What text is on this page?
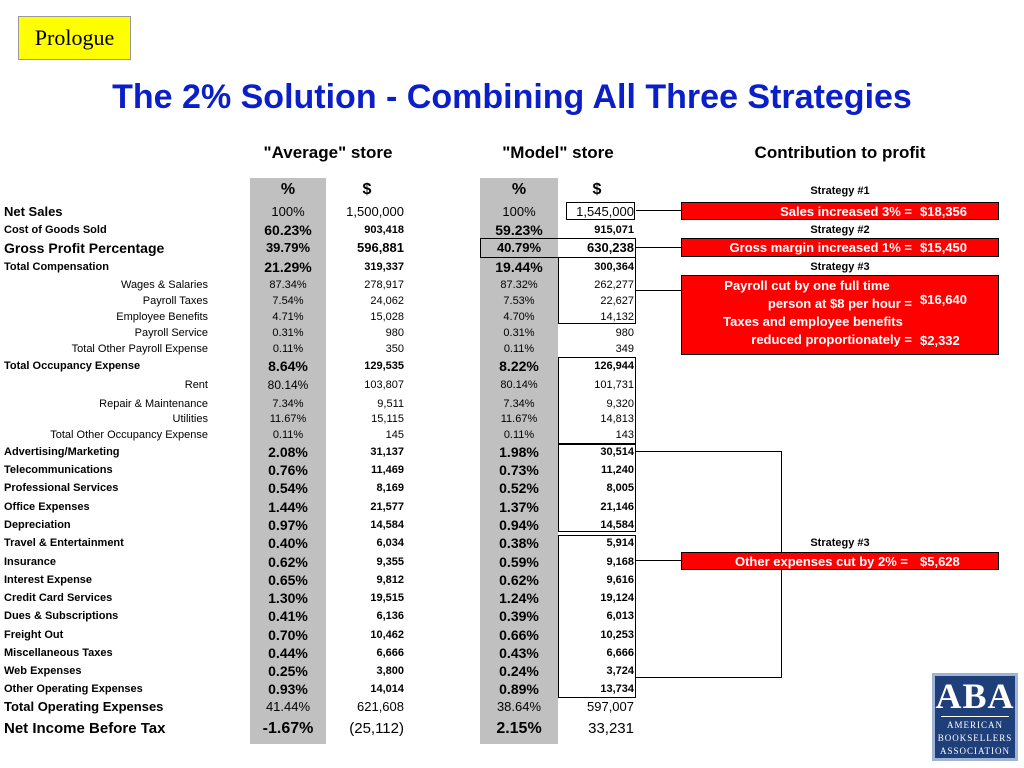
Prologue
The 2% Solution - Combining All Three Strategies
"Average" store	"Model" store	Contribution to profit
%	$	%	$
Net Sales	100%	1,500,000	100%	1,545,000
Cost of Goods Sold	60.23%	903,418	59.23%	915,071
Gross Profit Percentage	39.79%	596,881	40.79%	630,238
Total Compensation	21.29%	319,337	19.44%	300,364
Wages & Salaries	87.34%	278,917	87.32%	262,277
Payroll Taxes	7.54%	24,062	7.53%	22,627
Employee Benefits	4.71%	15,028	4.70%	14,132
Payroll Service	0.31%	980	0.31%	980
Total Other Payroll Expense	0.11%	350	0.11%	349
Total Occupancy Expense	8.64%	129,535	8.22%	126,944
Rent	80.14%	103,807	80.14%	101,731
Repair & Maintenance	7.34%	9,511	7.34%	9,320
Utilities	11.67%	15,115	11.67%	14,813
Total Other Occupancy Expense	0.11%	145	0.11%	143
Advertising/Marketing	2.08%	31,137	1.98%	30,514
Telecommunications	0.76%	11,469	0.73%	11,240
Professional Services	0.54%	8,169	0.52%	8,005
Office Expenses	1.44%	21,577	1.37%	21,146
Depreciation	0.97%	14,584	0.94%	14,584
Travel & Entertainment	0.40%	6,034	0.38%	5,914
Insurance	0.62%	9,355	0.59%	9,168
Interest Expense	0.65%	9,812	0.62%	9,616
Credit Card Services	1.30%	19,515	1.24%	19,124
Dues & Subscriptions	0.41%	6,136	0.39%	6,013
Freight Out	0.70%	10,462	0.66%	10,253
Miscellaneous Taxes	0.44%	6,666	0.43%	6,666
Web Expenses	0.25%	3,800	0.24%	3,724
Other Operating Expenses	0.93%	14,014	0.89%	13,734
Total Operating Expenses	41.44%	621,608	38.64%	597,007
Net Income Before Tax	-1.67%	(25,112)	2.15%	33,231
Strategy #1
Sales increased 3% = $18,356
Strategy #2
Gross margin increased 1% = $15,450
Strategy #3
Payroll cut by one full time
person at $8 per hour = $16,640
Taxes and employee benefits
reduced proportionately = $2,332
Strategy #3
Other expenses cut by 2% = $5,628
ABA
AMERICAN
BOOKSELLERS
ASSOCIATION
